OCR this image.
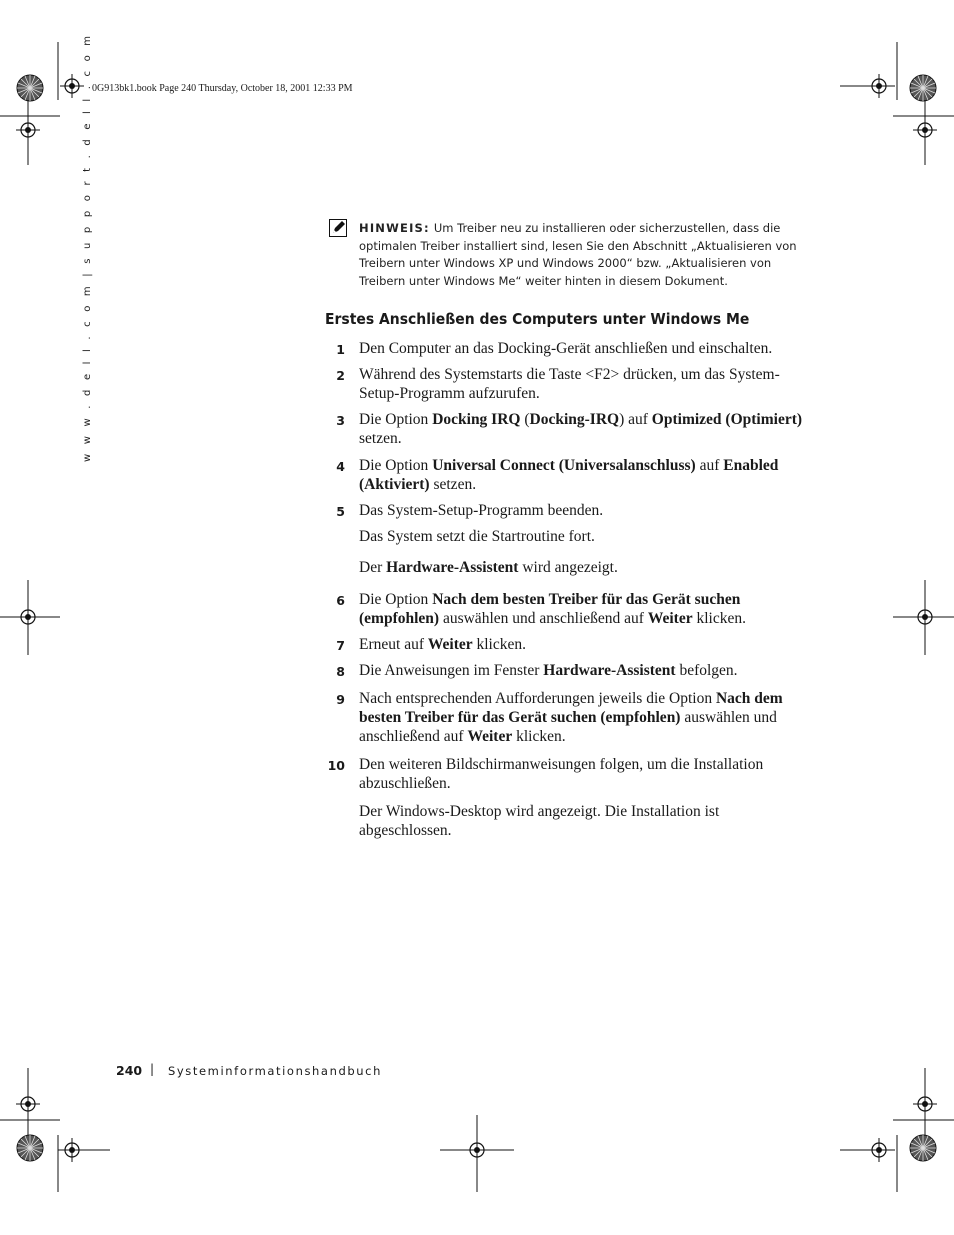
0G913bk1.book Page 240 Thursday, October 18, 2001 12:33 PM
w w w . d e l l . c o m | s u p p o r t . d e l l . c o m	HINWEIS: Um Treiber neu zu installieren oder sicherzustellen, dass die optimalen Treiber installiert sind, lesen Sie den Abschnitt „Aktualisieren von Treibern unter Windows XP und Windows 2000“ bzw. „Aktualisieren von Treibern unter Windows Me“ weiter hinten in diesem Dokument.
Erstes Anschließen des Computers unter Windows Me
1 Den Computer an das Docking-Gerät anschließen und einschalten.
2 Während des Systemstarts die Taste <F2> drücken, um das System-Setup-Programm aufzurufen.
3 Die Option Docking IRQ (Docking-IRQ) auf Optimized (Optimiert) setzen.
4 Die Option Universal Connect (Universalanschluss) auf Enabled (Aktiviert) setzen.
5 Das System-Setup-Programm beenden.
Das System setzt die Startroutine fort.
Der Hardware-Assistent wird angezeigt.
6 Die Option Nach dem besten Treiber für das Gerät suchen (empfohlen) auswählen und anschließend auf Weiter klicken.
7 Erneut auf Weiter klicken.
8 Die Anweisungen im Fenster Hardware-Assistent befolgen.
9 Nach entsprechenden Aufforderungen jeweils die Option Nach dem besten Treiber für das Gerät suchen (empfohlen) auswählen und anschließend auf Weiter klicken.
10 Den weiteren Bildschirmanweisungen folgen, um die Installation abzuschließen.
Der Windows-Desktop wird angezeigt. Die Installation ist abgeschlossen.
240 | Systeminformationshandbuch
